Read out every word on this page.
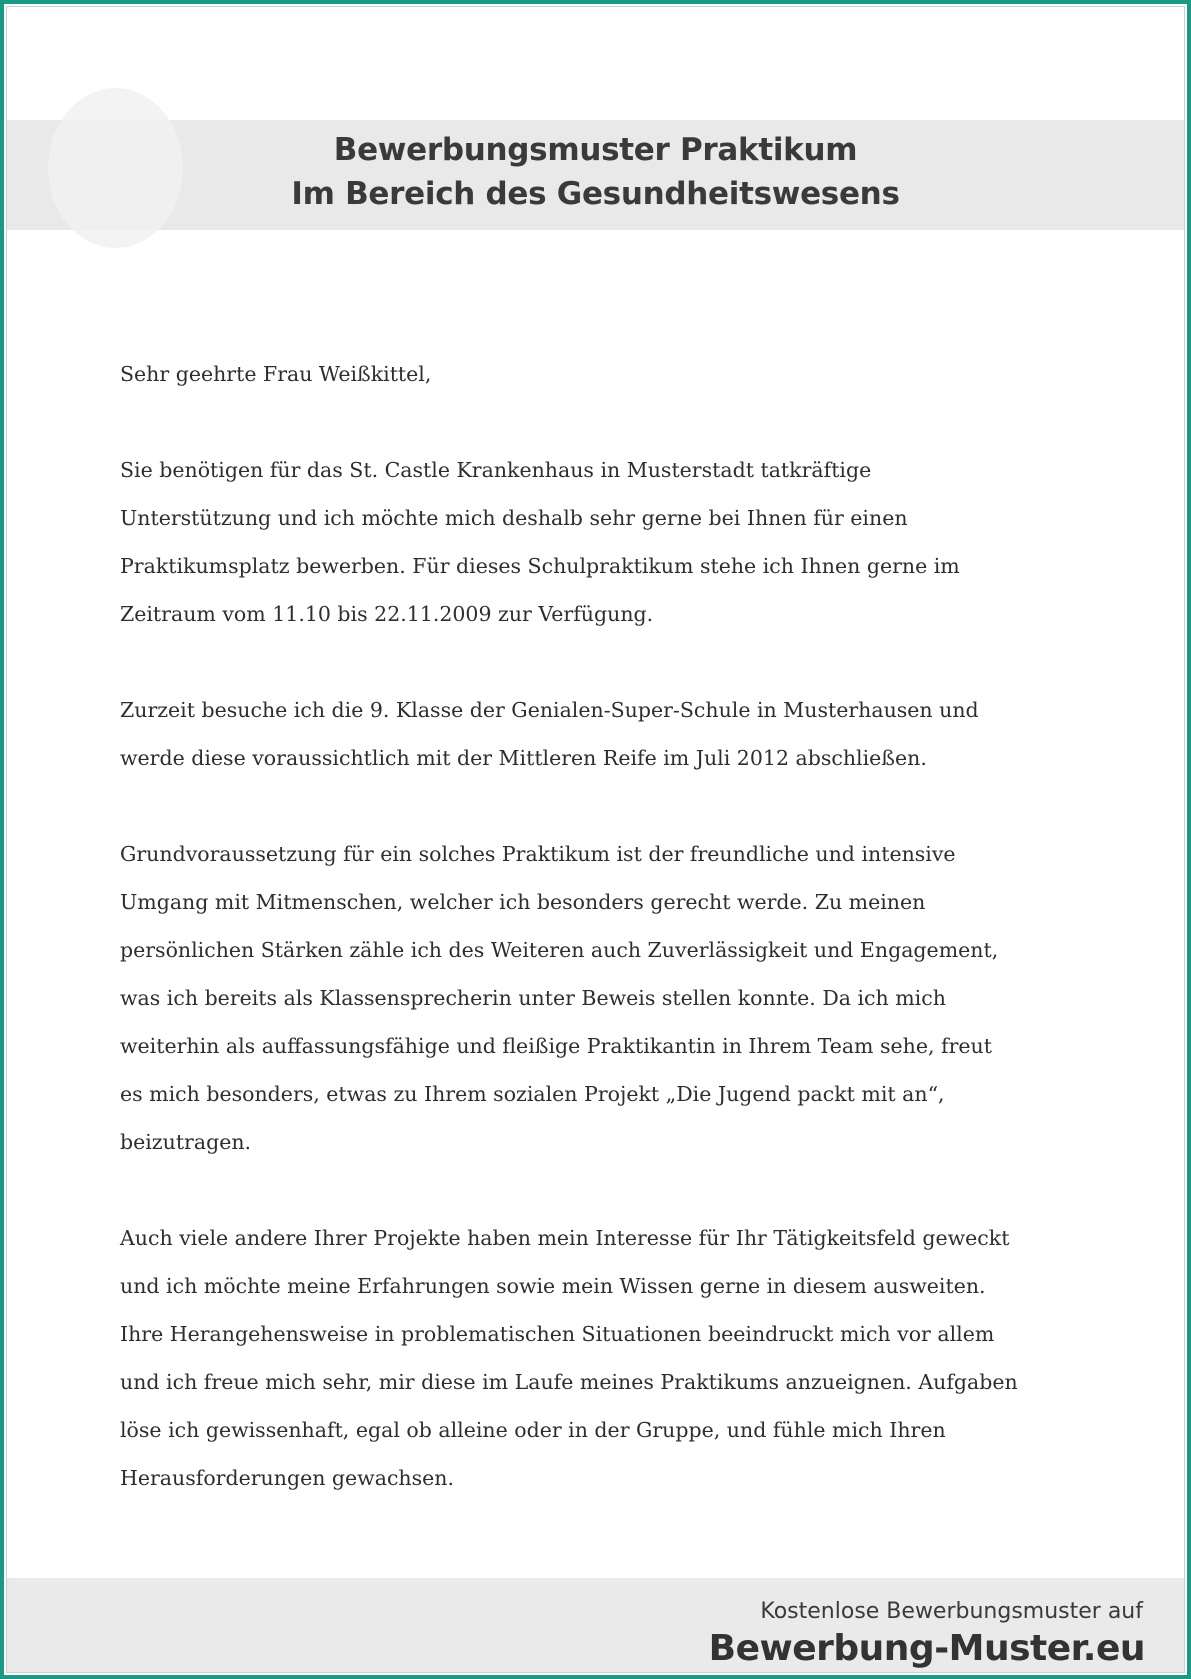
Bewerbungsmuster Praktikum
Im Bereich des Gesundheitswesens
Sehr geehrte Frau Weißkittel,
Sie benötigen für das St. Castle Krankenhaus in Musterstadt tatkräftige
Unterstützung und ich möchte mich deshalb sehr gerne bei Ihnen für einen
Praktikumsplatz bewerben. Für dieses Schulpraktikum stehe ich Ihnen gerne im
Zeitraum vom 11.10 bis 22.11.2009 zur Verfügung.
Zurzeit besuche ich die 9. Klasse der Genialen-Super-Schule in Musterhausen und
werde diese voraussichtlich mit der Mittleren Reife im Juli 2012 abschließen.
Grundvoraussetzung für ein solches Praktikum ist der freundliche und intensive
Umgang mit Mitmenschen, welcher ich besonders gerecht werde. Zu meinen
persönlichen Stärken zähle ich des Weiteren auch Zuverlässigkeit und Engagement,
was ich bereits als Klassensprecherin unter Beweis stellen konnte. Da ich mich
weiterhin als auffassungsfähige und fleißige Praktikantin in Ihrem Team sehe, freut
es mich besonders, etwas zu Ihrem sozialen Projekt „Die Jugend packt mit an“,
beizutragen.
Auch viele andere Ihrer Projekte haben mein Interesse für Ihr Tätigkeitsfeld geweckt
und ich möchte meine Erfahrungen sowie mein Wissen gerne in diesem ausweiten.
Ihre Herangehensweise in problematischen Situationen beeindruckt mich vor allem
und ich freue mich sehr, mir diese im Laufe meines Praktikums anzueignen. Aufgaben
löse ich gewissenhaft, egal ob alleine oder in der Gruppe, und fühle mich Ihren
Herausforderungen gewachsen.
Kostenlose Bewerbungsmuster auf
Bewerbung-Muster.eu
